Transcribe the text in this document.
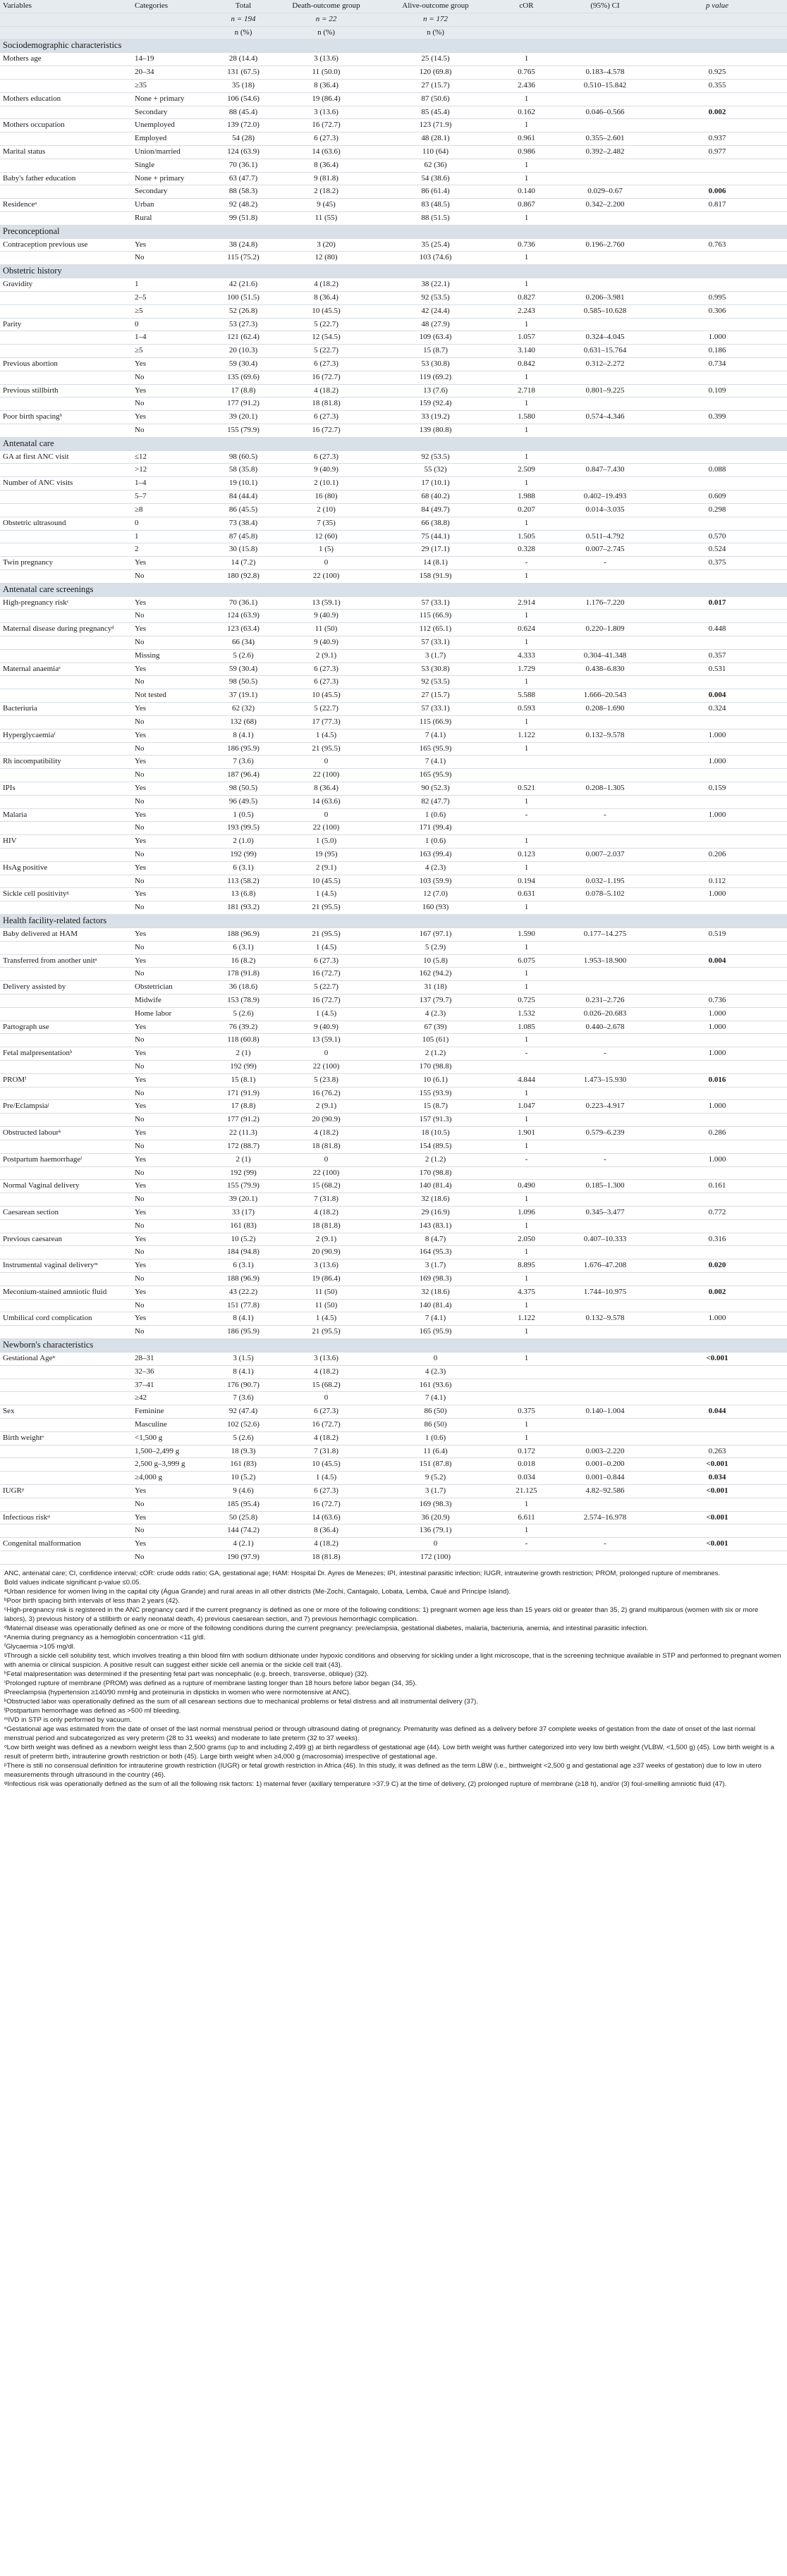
Variables	Categories	Total	Death-outcome group	Alive-outcome group	cOR	(95%) CI	p value
		n = 194	n = 22	n = 172			
		n (%)	n (%)	n (%)			
Sociodemographic characteristics							
Mothers age	14–19	28 (14.4)	3 (13.6)	25 (14.5)	1		
	20–34	131 (67.5)	11 (50.0)	120 (69.8)	0.765	0.183–4.578	0.925
	≥35	35 (18)	8 (36.4)	27 (15.7)	2.436	0.510–15.842	0.355
Mothers education	None + primary	106 (54.6)	19 (86.4)	87 (50.6)	1		
	Secondary	88 (45.4)	3 (13.6)	85 (45.4)	0.162	0.046–0.566	0.002
Mothers occupation	Unemployed	139 (72.0)	16 (72.7)	123 (71.9)	1		
	Employed	54 (28)	6 (27.3)	48 (28.1)	0.961	0.355–2.601	0.937
Marital status	Union/married	124 (63.9)	14 (63.6)	110 (64)	0.986	0.392–2.482	0.977
	Single	70 (36.1)	8 (36.4)	62 (36)	1		
Baby's father education	None + primary	63 (47.7)	9 (81.8)	54 (38.6)	1		
	Secondary	88 (58.3)	2 (18.2)	86 (61.4)	0.140	0.029–0.67	0.006
Residenceᵃ	Urban	92 (48.2)	9 (45)	83 (48.5)	0.867	0.342–2.200	0.817
	Rural	99 (51.8)	11 (55)	88 (51.5)	1		
Preconceptional							
Contraception previous use	Yes	38 (24.8)	3 (20)	35 (25.4)	0.736	0.196–2.760	0.763
	No	115 (75.2)	12 (80)	103 (74.6)	1		
Obstetric history							
Gravidity	1	42 (21.6)	4 (18.2)	38 (22.1)	1		
	2–5	100 (51.5)	8 (36.4)	92 (53.5)	0.827	0.206–3.981	0.995
	≥5	52 (26.8)	10 (45.5)	42 (24.4)	2.243	0.585–10.628	0.306
Parity	0	53 (27.3)	5 (22.7)	48 (27.9)	1		
	1–4	121 (62.4)	12 (54.5)	109 (63.4)	1.057	0.324–4.045	1.000
	≥5	20 (10.3)	5 (22.7)	15 (8.7)	3.140	0.631–15.764	0.186
Previous abortion	Yes	59 (30.4)	6 (27.3)	53 (30.8)	0.842	0.312–2.272	0.734
	No	135 (69.6)	16 (72.7)	119 (69.2)	1		
Previous stillbirth	Yes	17 (8.8)	4 (18.2)	13 (7.6)	2.718	0.801–9.225	0.109
	No	177 (91.2)	18 (81.8)	159 (92.4)	1		
Poor birth spacingᵇ	Yes	39 (20.1)	6 (27.3)	33 (19.2)	1.580	0.574–4.346	0.399
	No	155 (79.9)	16 (72.7)	139 (80.8)	1		
Antenatal care							
GA at first ANC visit	≤12	98 (60.5)	6 (27.3)	92 (53.5)	1		
	>12	58 (35.8)	9 (40.9)	55 (32)	2.509	0.847–7.430	0.088
Number of ANC visits	1–4	19 (10.1)	2 (10.1)	17 (10.1)	1		
	5–7	84 (44.4)	16 (80)	68 (40.2)	1.988	0.402–19.493	0.609
	≥8	86 (45.5)	2 (10)	84 (49.7)	0.207	0.014–3.035	0.298
Obstetric ultrasound	0	73 (38.4)	7 (35)	66 (38.8)	1		
	1	87 (45.8)	12 (60)	75 (44.1)	1.505	0.511–4.792	0.570
	2	30 (15.8)	1 (5)	29 (17.1)	0.328	0.007–2.745	0.524
Twin pregnancy	Yes	14 (7.2)	0	14 (8.1)	-	-	0.375
	No	180 (92.8)	22 (100)	158 (91.9)	1		
Antenatal care screenings							
High-pregnancy riskᶜ	Yes	70 (36.1)	13 (59.1)	57 (33.1)	2.914	1.176–7.220	0.017
	No	124 (63.9)	9 (40.9)	115 (66.9)	1		
Maternal disease during pregnancyᵈ	Yes	123 (63.4)	11 (50)	112 (65.1)	0.624	0.220–1.809	0.448
	No	66 (34)	9 (40.9)	57 (33.1)	1		
	Missing	5 (2.6)	2 (9.1)	3 (1.7)	4.333	0.304–41.348	0.357
Maternal anaemiaᵉ	Yes	59 (30.4)	6 (27.3)	53 (30.8)	1.729	0.438–6.830	0.531
	No	98 (50.5)	6 (27.3)	92 (53.5)	1		
	Not tested	37 (19.1)	10 (45.5)	27 (15.7)	5.588	1.666–20.543	0.004
Bacteriuria	Yes	62 (32)	5 (22.7)	57 (33.1)	0.593	0.208–1.690	0.324
	No	132 (68)	17 (77.3)	115 (66.9)	1		
Hyperglycaemiaᶠ	Yes	8 (4.1)	1 (4.5)	7 (4.1)	1.122	0.132–9.578	1.000
	No	186 (95.9)	21 (95.5)	165 (95.9)	1		
Rh incompatibility	Yes	7 (3.6)	0	7 (4.1)			1.000
	No	187 (96.4)	22 (100)	165 (95.9)			
IPIs	Yes	98 (50.5)	8 (36.4)	90 (52.3)	0.521	0.208–1.305	0.159
	No	96 (49.5)	14 (63.6)	82 (47.7)	1		
Malaria	Yes	1 (0.5)	0	1 (0.6)	-	-	1.000
	No	193 (99.5)	22 (100)	171 (99.4)			
HIV	Yes	2 (1.0)	1 (5.0)	1 (0.6)	1		
	No	192 (99)	19 (95)	163 (99.4)	0.123	0.007–2.037	0.206
HsAg positive	Yes	6 (3.1)	2 (9.1)	4 (2.3)	1		
	No	113 (58.2)	10 (45.5)	103 (59.9)	0.194	0.032–1.195	0.112
Sickle cell positivityᵍ	Yes	13 (6.8)	1 (4.5)	12 (7.0)	0.631	0.078–5.102	1.000
	No	181 (93.2)	21 (95.5)	160 (93)	1		
Health facility-related factors							
Baby delivered at HAM	Yes	188 (96.9)	21 (95.5)	167 (97.1)	1.590	0.177–14.275	0.519
	No	6 (3.1)	1 (4.5)	5 (2.9)	1		
Transferred from another unitᵃ	Yes	16 (8.2)	6 (27.3)	10 (5.8)	6.075	1.953–18.900	0.004
	No	178 (91.8)	16 (72.7)	162 (94.2)	1		
Delivery assisted by	Obstetrician	36 (18.6)	5 (22.7)	31 (18)	1		
	Midwife	153 (78.9)	16 (72.7)	137 (79.7)	0.725	0.231–2.726	0.736
	Home labor	5 (2.6)	1 (4.5)	4 (2.3)	1.532	0.026–20.683	1.000
Partograph use	Yes	76 (39.2)	9 (40.9)	67 (39)	1.085	0.440–2.678	1.000
	No	118 (60.8)	13 (59.1)	105 (61)	1		
Fetal malpresentationʰ	Yes	2 (1)	0	2 (1.2)	-	-	1.000
	No	192 (99)	22 (100)	170 (98.8)			
PROMⁱ	Yes	15 (8.1)	5 (23.8)	10 (6.1)	4.844	1.473–15.930	0.016
	No	171 (91.9)	16 (76.2)	155 (93.9)	1		
Pre/Eclampsiaʲ	Yes	17 (8.8)	2 (9.1)	15 (8.7)	1.047	0.223–4.917	1.000
	No	177 (91.2)	20 (90.9)	157 (91.3)	1		
Obstructed labourᵏ	Yes	22 (11.3)	4 (18.2)	18 (10.5)	1.901	0.579–6.239	0.286
	No	172 (88.7)	18 (81.8)	154 (89.5)	1		
Postpartum haemorrhageˡ	Yes	2 (1)	0	2 (1.2)	-	-	1.000
	No	192 (99)	22 (100)	170 (98.8)			
Normal Vaginal delivery	Yes	155 (79.9)	15 (68.2)	140 (81.4)	0.490	0.185–1.300	0.161
	No	39 (20.1)	7 (31.8)	32 (18.6)	1		
Caesarean section	Yes	33 (17)	4 (18.2)	29 (16.9)	1.096	0.345–3.477	0.772
	No	161 (83)	18 (81.8)	143 (83.1)	1		
Previous caesarean	Yes	10 (5.2)	2 (9.1)	8 (4.7)	2.050	0.407–10.333	0.316
	No	184 (94.8)	20 (90.9)	164 (95.3)	1		
Instrumental vaginal deliveryᵐ	Yes	6 (3.1)	3 (13.6)	3 (1.7)	8.895	1.676–47.208	0.020
	No	188 (96.9)	19 (86.4)	169 (98.3)	1		
Meconium-stained amniotic fluid	Yes	43 (22.2)	11 (50)	32 (18.6)	4.375	1.744–10.975	0.002
	No	151 (77.8)	11 (50)	140 (81.4)	1		
Umbilical cord complication	Yes	8 (4.1)	1 (4.5)	7 (4.1)	1.122	0.132–9.578	1.000
	No	186 (95.9)	21 (95.5)	165 (95.9)	1		
Newborn's characteristics							
Gestational Ageⁿ	28–31	3 (1.5)	3 (13.6)	0	1		<0.001
	32–36	8 (4.1)	4 (18.2)	4 (2.3)			
	37–41	176 (90.7)	15 (68.2)	161 (93.6)			
	≥42	7 (3.6)	0	7 (4.1)			
Sex	Feminine	92 (47.4)	6 (27.3)	86 (50)	0.375	0.140–1.004	0.044
	Masculine	102 (52.6)	16 (72.7)	86 (50)	1		
Birth weightᵒ	<1,500 g	5 (2.6)	4 (18.2)	1 (0.6)	1		
	1,500–2,499 g	18 (9.3)	7 (31.8)	11 (6.4)	0.172	0.003–2.220	0.263
	2,500 g–3,999 g	161 (83)	10 (45.5)	151 (87.8)	0.018	0.001–0.200	<0.001
	≥4,000 g	10 (5.2)	1 (4.5)	9 (5.2)	0.034	0.001–0.844	0.034
IUGRᵖ	Yes	9 (4.6)	6 (27.3)	3 (1.7)	21.125	4.82–92.586	<0.001
	No	185 (95.4)	16 (72.7)	169 (98.3)	1		
Infectious riskᵠ	Yes	50 (25.8)	14 (63.6)	36 (20.9)	6.611	2.574–16.978	<0.001
	No	144 (74.2)	8 (36.4)	136 (79.1)	1		
Congenital malformation	Yes	4 (2.1)	4 (18.2)	0	-	-	<0.001
	No	190 (97.9)	18 (81.8)	172 (100)			

ANC, antenatal care; CI, confidence interval; cOR: crude odds ratio; GA, gestational age; HAM: Hospital Dr. Ayres de Menezes; IPI, intestinal parasitic infection; IUGR, intrauterine growth restriction; PROM, prolonged rupture of membranes.

Bold values indicate significant p-value ≤0.05.

ᵃUrban residence for women living in the capital city (Água Grande) and rural areas in all other districts (Mé-Zochi, Cantagalo, Lobata, Lembá, Caué and Príncipe Island).

ᵇPoor birth spacing birth intervals of less than 2 years (42).

ᶜHigh-pregnancy risk is registered in the ANC pregnancy card if the current pregnancy is defined as one or more of the following conditions: 1) pregnant women age less than 15 years old or greater than 35, 2) grand multiparous (women with six or more labors), 3) previous history of a stillbirth or early neonatal death, 4) previous caesarean section, and 7) previous hemorrhagic complication.

ᵈMaternal disease was operationally defined as one or more of the following conditions during the current pregnancy: pre/eclampsia, gestational diabetes, malaria, bacteriuria, anemia, and intestinal parasitic infection.

ᵉAnemia during pregnancy as a hemoglobin concentration <11 g/dl.

ᶠGlycaemia >105 mg/dl.

ᵍThrough a sickle cell solubility test, which involves treating a thin blood film with sodium dithionate under hypoxic conditions and observing for sickling under a light microscope, that is the screening technique available in STP and performed to pregnant women with anemia or clinical suspicion. A positive result can suggest either sickle cell anemia or the sickle cell trait (43).

ʰFetal malpresentation was determined if the presenting fetal part was noncephalic (e.g. breech, transverse, oblique) (32).

ⁱProlonged rupture of membrane (PROM) was defined as a rupture of membrane lasting longer than 18 hours before labor began (34, 35).

ʲPreeclampsia (hypertension ≥140/90 mmHg and proteinuria in dipsticks in women who were normotensive at ANC).

ᵏObstructed labor was operationally defined as the sum of all cesarean sections due to mechanical problems or fetal distress and all instrumental delivery (37).

ˡPostpartum hemorrhage was defined as >500 ml bleeding.

ᵐIVD in STP is only performed by vacuum.

ⁿGestational age was estimated from the date of onset of the last normal menstrual period or through ultrasound dating of pregnancy. Prematurity was defined as a delivery before 37 complete weeks of gestation from the date of onset of the last normal menstrual period and subcategorized as very preterm (28 to 31 weeks) and moderate to late preterm (32 to 37 weeks).

ᵒLow birth weight was defined as a newborn weight less than 2,500 grams (up to and including 2,499 g) at birth regardless of gestational age (44). Low birth weight was further categorized into very low birth weight (VLBW, <1,500 g) (45). Low birth weight is a result of preterm birth, intrauterine growth restriction or both (45). Large birth weight when ≥4,000 g (macrosomia) irrespective of gestational age.

ᵖThere is still no consensual definition for intrauterine growth restriction (IUGR) or fetal growth restriction in Africa (46). In this study, it was defined as the term LBW (i.e., birthweight <2,500 g and gestational age ≥37 weeks of gestation) due to low in utero measurements through ultrasound in the country (46).

ᵠInfectious risk was operationally defined as the sum of all the following risk factors: 1) maternal fever (axillary temperature >37.9 C) at the time of delivery, (2) prolonged rupture of membrane (≥18 h), and/or (3) foul-smelling amniotic fluid (47).
